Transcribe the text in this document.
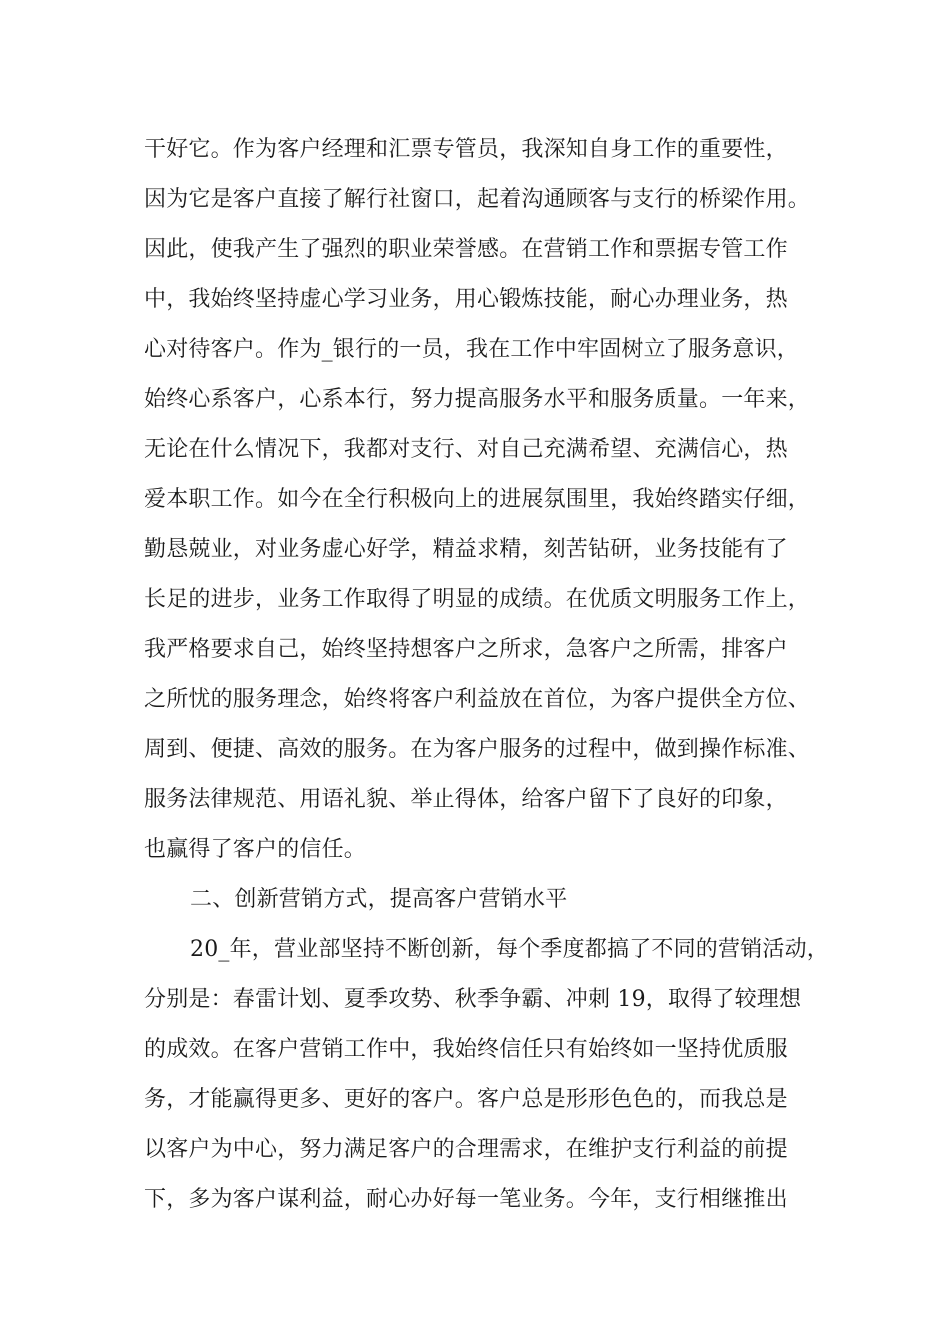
干好它。作为客户经理和汇票专管员，我深知自身工作的重要性，
因为它是客户直接了解行社窗口，起着沟通顾客与支行的桥梁作用。
因此，使我产生了强烈的职业荣誉感。在营销工作和票据专管工作
中，我始终坚持虚心学习业务，用心锻炼技能，耐心办理业务，热
心对待客户。作为_银行的一员，我在工作中牢固树立了服务意识，
始终心系客户，心系本行，努力提高服务水平和服务质量。一年来，
无论在什么情况下，我都对支行、对自己充满希望、充满信心，热
爱本职工作。如今在全行积极向上的进展氛围里，我始终踏实仔细，
勤恳兢业，对业务虚心好学，精益求精，刻苦钻研，业务技能有了
长足的进步，业务工作取得了明显的成绩。在优质文明服务工作上，
我严格要求自己，始终坚持想客户之所求，急客户之所需，排客户
之所忧的服务理念，始终将客户利益放在首位，为客户提供全方位、
周到、便捷、高效的服务。在为客户服务的过程中，做到操作标准、
服务法律规范、用语礼貌、举止得体，给客户留下了良好的印象，
也赢得了客户的信任。
二、创新营销方式，提高客户营销水平
20_年，营业部坚持不断创新，每个季度都搞了不同的营销活动，
分别是：春雷计划、夏季攻势、秋季争霸、冲刺 19，取得了较理想
的成效。在客户营销工作中，我始终信任只有始终如一坚持优质服
务，才能赢得更多、更好的客户。客户总是形形色色的，而我总是
以客户为中心，努力满足客户的合理需求，在维护支行利益的前提
下，多为客户谋利益，耐心办好每一笔业务。今年，支行相继推出
